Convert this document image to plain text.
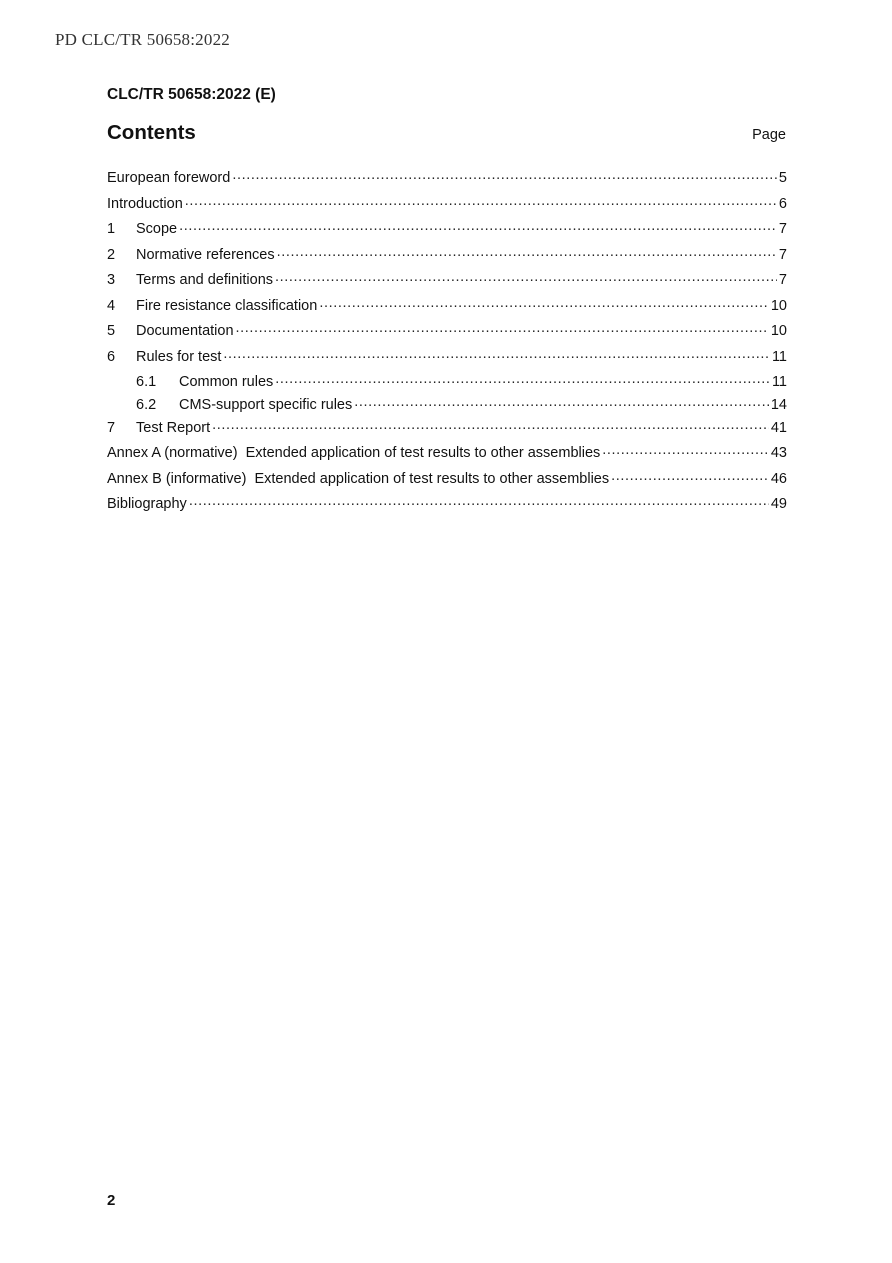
PD CLC/TR 50658:2022
CLC/TR 50658:2022 (E)
Contents	Page
European foreword .....	5
Introduction .....	6
1	Scope .....	7
2	Normative references .....	7
3	Terms and definitions .....	7
4	Fire resistance classification .....	10
5	Documentation .....	10
6	Rules for test .....	11
6.1	Common rules .....	11
6.2	CMS-support specific rules .....	14
7	Test Report .....	41
Annex A (normative)  Extended application of test results to other assemblies .....	43
Annex B (informative)  Extended application of test results to other assemblies .....	46
Bibliography .....	49
2
